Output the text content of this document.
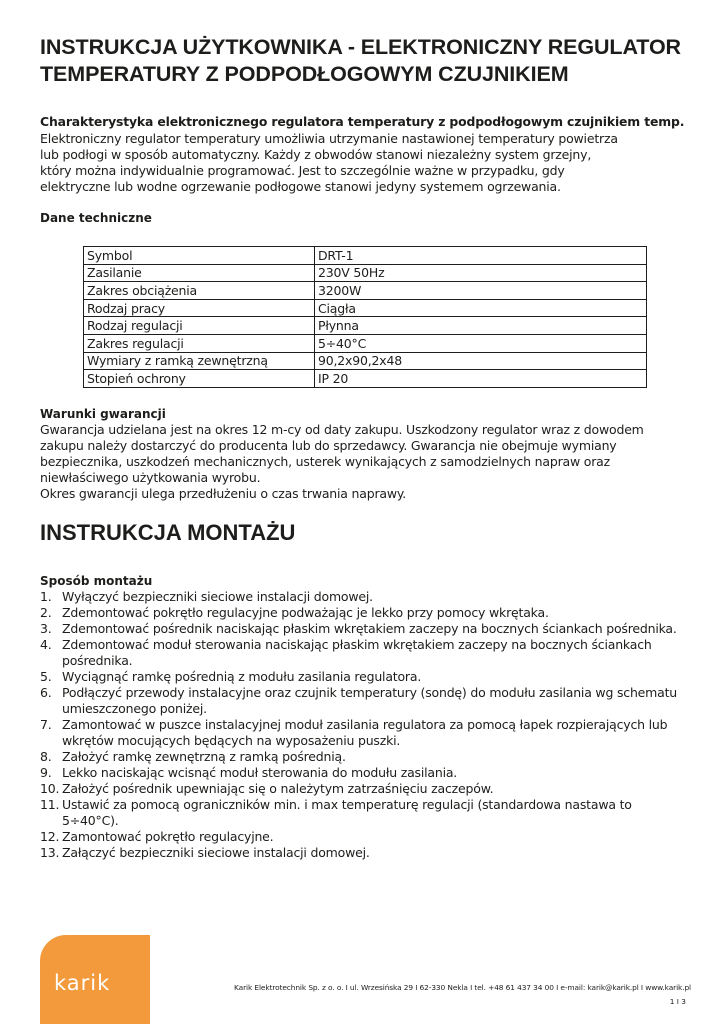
INSTRUKCJA UŻYTKOWNIKA - ELEKTRONICZNY REGULATOR
TEMPERATURY Z PODPODŁOGOWYM CZUJNIKIEM
Charakterystyka elektronicznego regulatora temperatury z podpodłogowym czujnikiem temp.
Elektroniczny regulator temperatury umożliwia utrzymanie nastawionej temperatury powietrza
lub podłogi w sposób automatyczny. Każdy z obwodów stanowi niezależny system grzejny,
który można indywidualnie programować. Jest to szczególnie ważne w przypadku, gdy
elektryczne lub wodne ogrzewanie podłogowe stanowi jedyny systemem ogrzewania.
Dane techniczne
Symbol	DRT-1
Zasilanie	230V 50Hz
Zakres obciążenia	3200W
Rodzaj pracy	Ciągła
Rodzaj regulacji	Płynna
Zakres regulacji	5÷40°C
Wymiary z ramką zewnętrzną	90,2x90,2x48
Stopień ochrony	IP 20
Warunki gwarancji
Gwarancja udzielana jest na okres 12 m-cy od daty zakupu. Uszkodzony regulator wraz z dowodem
zakupu należy dostarczyć do producenta lub do sprzedawcy. Gwarancja nie obejmuje wymiany
bezpiecznika, uszkodzeń mechanicznych, usterek wynikających z samodzielnych napraw oraz
niewłaściwego użytkowania wyrobu.
Okres gwarancji ulega przedłużeniu o czas trwania naprawy.
INSTRUKCJA MONTAŻU
Sposób montażu
1. Wyłączyć bezpieczniki sieciowe instalacji domowej.
2. Zdemontować pokrętło regulacyjne podważając je lekko przy pomocy wkrętaka.
3. Zdemontować pośrednik naciskając płaskim wkrętakiem zaczepy na bocznych ściankach pośrednika.
4. Zdemontować moduł sterowania naciskając płaskim wkrętakiem zaczepy na bocznych ściankach pośrednika.
5. Wyciągnąć ramkę pośrednią z modułu zasilania regulatora.
6. Podłączyć przewody instalacyjne oraz czujnik temperatury (sondę) do modułu zasilania wg schematu umieszczonego poniżej.
7. Zamontować w puszce instalacyjnej moduł zasilania regulatora za pomocą łapek rozpierających lub wkrętów mocujących będących na wyposażeniu puszki.
8. Założyć ramkę zewnętrzną z ramką pośrednią.
9. Lekko naciskając wcisnąć moduł sterowania do modułu zasilania.
10. Założyć pośrednik upewniając się o należytym zatrzaśnięciu zaczepów.
11. Ustawić za pomocą ograniczników min. i max temperaturę regulacji (standardowa nastawa to 5÷40°C).
12. Zamontować pokrętło regulacyjne.
13. Załączyć bezpieczniki sieciowe instalacji domowej.
karik	Karik Elektrotechnik Sp. z o. o. I ul. Wrzesińska 29 I 62-330 Nekla I tel. +48 61 437 34 00 I e-mail: karik@karik.pl I www.karik.pl
1 I 3
